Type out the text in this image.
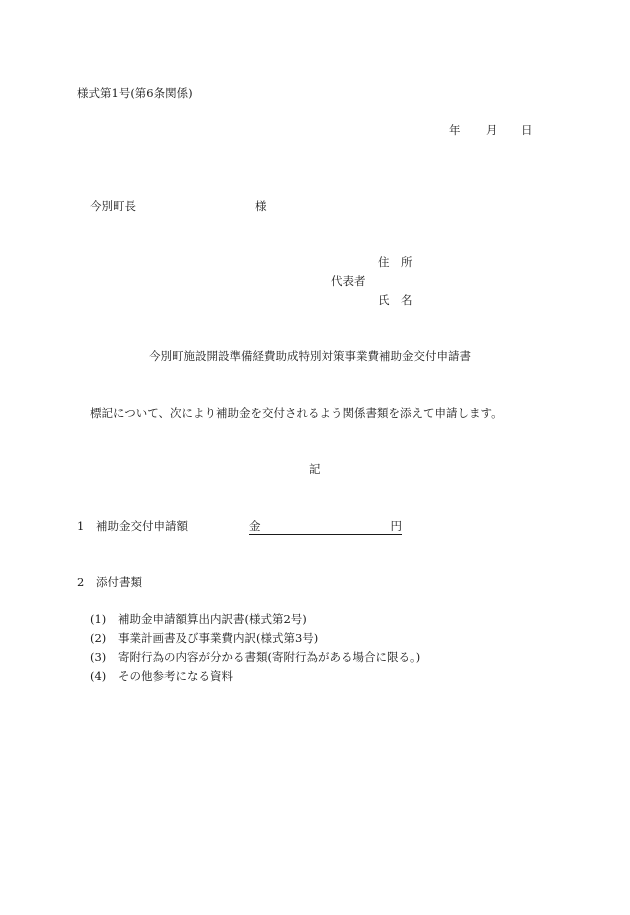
様式第1号(第6条関係)
年 月 日
今別町長	様
住　所
代表者
氏　名
今別町施設開設準備経費助成特別対策事業費補助金交付申請書
標記について、次により補助金を交付されるよう関係書類を添えて申請します。
記
1 補助金交付申請額	金	円
2 添付書類
(1) 補助金申請額算出内訳書(様式第2号)
(2) 事業計画書及び事業費内訳(様式第3号)
(3) 寄附行為の内容が分かる書類(寄附行為がある場合に限る。)
(4) その他参考になる資料
